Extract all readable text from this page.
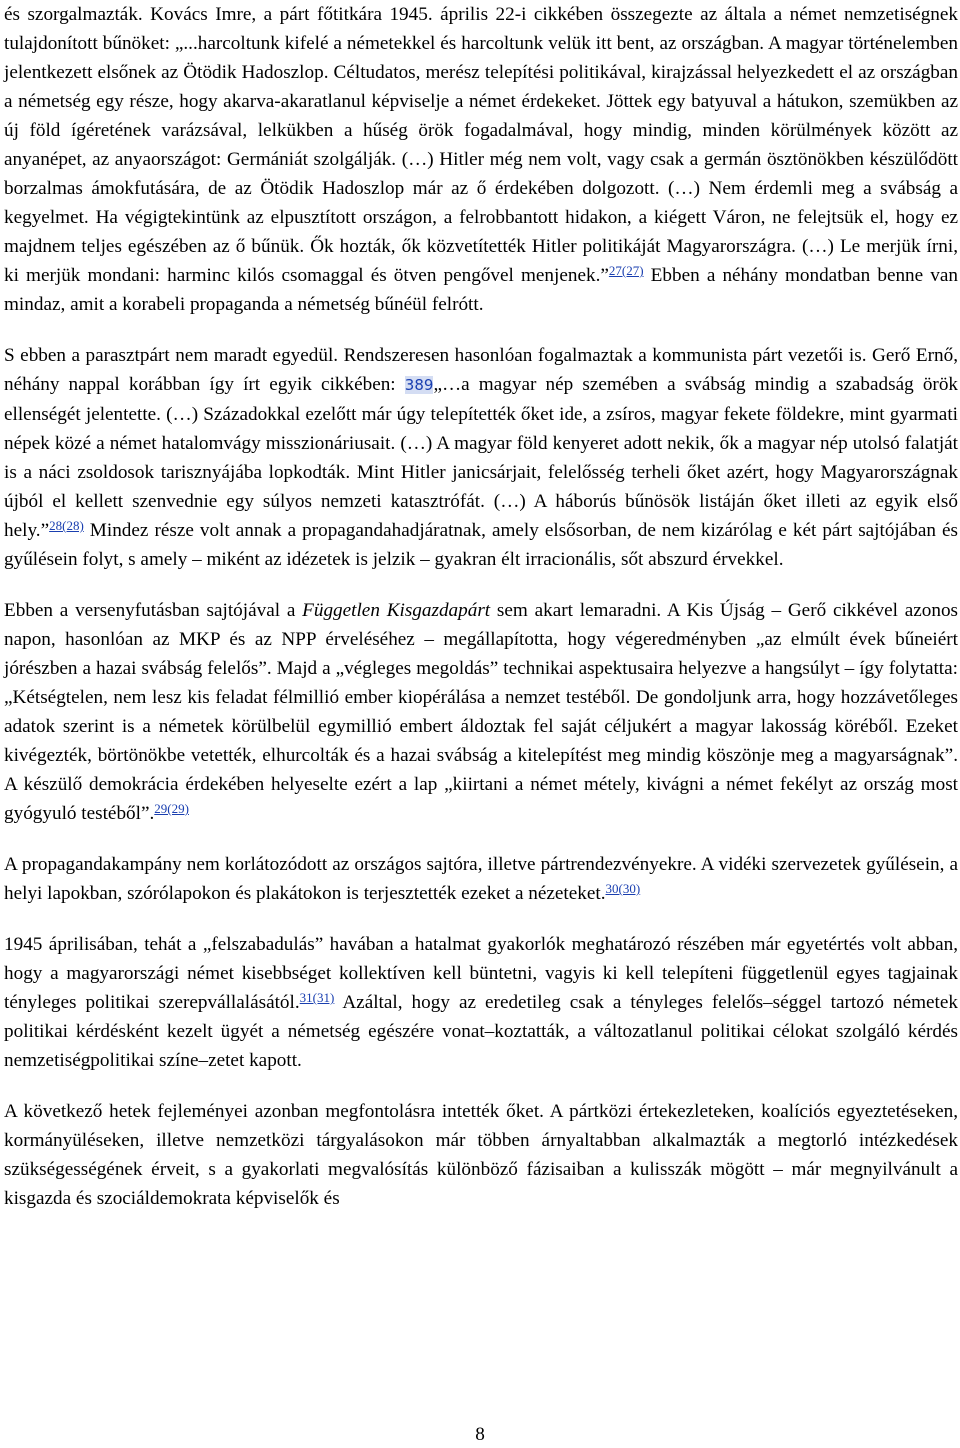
és szorgalmazták. Kovács Imre, a párt főtitkára 1945. április 22-i cikkében összegezte az általa a német nemzetiségnek tulajdonított bűnöket: „...harcoltunk kifelé a németekkel és harcoltunk velük itt bent, az országban. A magyar történelemben jelentkezett elsőnek az Ötödik Hadoszlop. Céltudatos, merész telepítési politikával, kirajzással helyezkedett el az országban a németség egy része, hogy akarva-akaratlanul képviselje a német érdekeket. Jöttek egy batyuval a hátukon, szemükben az új föld ígéretének varázsával, lelkükben a hűség örök fogadalmával, hogy mindig, minden körülmények között az anyanépet, az anyaországot: Germániát szolgálják. (…) Hitler még nem volt, vagy csak a germán ösztönökben készülődött borzalmas ámokfutására, de az Ötödik Hadoszlop már az ő érdekében dolgozott. (…) Nem érdemli meg a svábság a kegyelmet. Ha végigtekintünk az elpusztított országon, a felrobbantott hidakon, a kiégett Váron, ne felejtsük el, hogy ez majdnem teljes egészében az ő bűnük. Ők hozták, ők közvetítették Hitler politikáját Magyarországra. (…) Le merjük írni, ki merjük mondani: harminc kilós csomaggal és ötven pengővel menjenek.”$^{27(27)}$ Ebben a néhány mondatban benne van mindaz, amit a korabeli propaganda a németség bűnéül felrótt.

S ebben a parasztpárt nem maradt egyedül. Rendszeresen hasonlóan fogalmaztak a kommunista párt vezetői is. Gerő Ernő, néhány nappal korábban így írt egyik cikkében: 389„…a magyar nép szemében a svábság mindig a szabadság örök ellenségét jelentette. (…) Századokkal ezelőtt már úgy telepítették őket ide, a zsíros, magyar fekete földekre, mint gyarmati népek közé a német hatalomvágy misszionáriusait. (…) A magyar föld kenyeret adott nekik, ők a magyar nép utolsó falatját is a náci zsoldosok tarisznyájába lopkodták. Mint Hitler janicsárjait, felelősség terheli őket azért, hogy Magyarországnak újból el kellett szenvednie egy súlyos nemzeti katasztrófát. (…) A háborús bűnösök listáján őket illeti az egyik első hely.”$^{28(28)}$ Mindez része volt annak a propagandahadjáratnak, amely elsősorban, de nem kizárólag e két párt sajtójában és gyűlésein folyt, s amely – miként az idézetek is jelzik – gyakran élt irracionális, sőt abszurd érvekkel.

Ebben a versenyfutásban sajtójával a Független Kisgazdapárt sem akart lemaradni. A Kis Újság – Gerő cikkével azonos napon, hasonlóan az MKP és az NPP érveléséhez – megállapította, hogy végeredményben „az elmúlt évek bűneiért jórészben a hazai svábság felelős”. Majd a „végleges megoldás” technikai aspektusaira helyezve a hangsúlyt – így folytatta: „Kétségtelen, nem lesz kis feladat félmillió ember kiopérálása a nemzet testéből. De gondoljunk arra, hogy hozzávetőleges adatok szerint is a németek körülbelül egymillió embert áldoztak fel saját céljukért a magyar lakosság köréből. Ezeket kivégezték, börtönökbe vetették, elhurcolták és a hazai svábság a kitelepítést meg mindig köszönje meg a magyarságnak”. A készülő demokrácia érdekében helyeselte ezért a lap „kiirtani a német métely, kivágni a német fekélyt az ország most gyógyuló testéből”.$^{29(29)}$

A propagandakampány nem korlátozódott az országos sajtóra, illetve pártrendezvényekre. A vidéki szervezetek gyűlésein, a helyi lapokban, szórólapokon és plakátokon is terjesztették ezeket a nézeteket.$^{30(30)}$

1945 áprilisában, tehát a „felszabadulás” havában a hatalmat gyakorlók meghatározó részében már egyetértés volt abban, hogy a magyarországi német kisebbséget kollektíven kell büntetni, vagyis ki kell telepíteni függetlenül egyes tagjainak tényleges politikai szerepvállalásától.$^{31(31)}$ Azáltal, hogy az eredetileg csak a tényleges felelős–séggel tartozó németek politikai kérdésként kezelt ügyét a németség egészére vonat–koztatták, a változatlanul politikai célokat szolgáló kérdés nemzetiségpolitikai színe–zetet kapott.

A következő hetek fejleményei azonban megfontolásra intették őket. A pártközi értekezleteken, koalíciós egyeztetéseken, kormányüléseken, illetve nemzetközi tárgyalásokon már többen árnyaltabban alkalmazták a megtorló intézkedések szükségességének érveit, s a gyakorlati megvalósítás különböző fázisaiban a kulisszák mögött – már megnyilvánult a kisgazda és szociáldemokrata képviselők és

8
